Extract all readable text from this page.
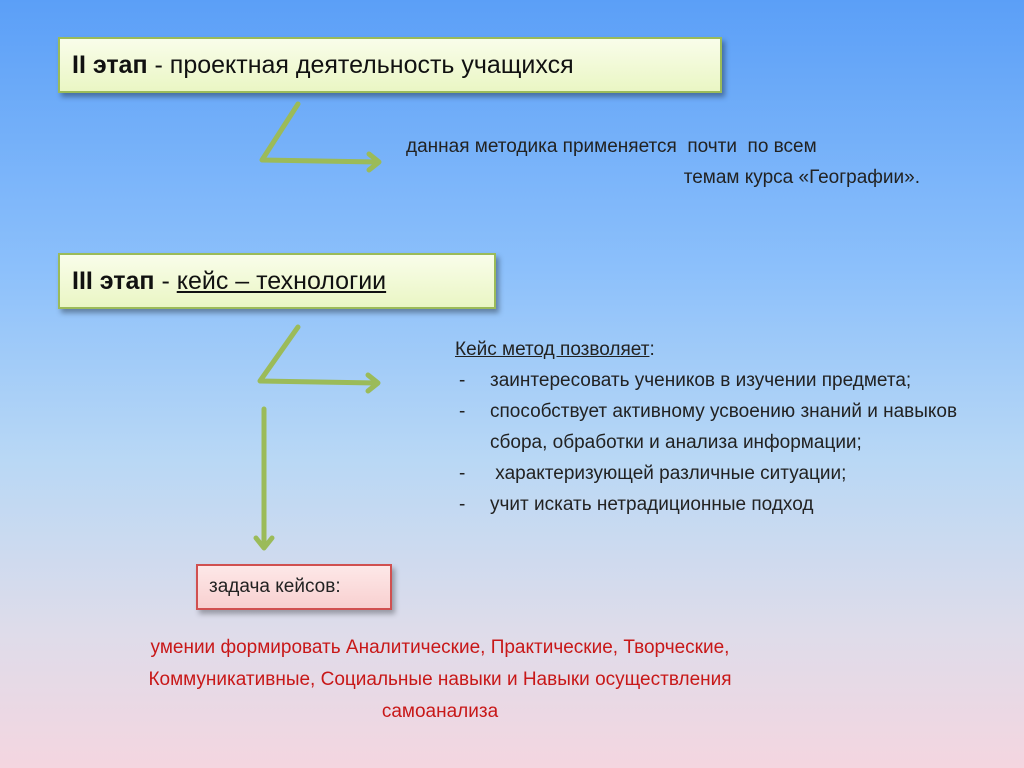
II этап - проектная деятельность учащихся
данная методика применяется  почти  по всем
темам курса «Географии».
III этап - кейс – технологии
Кейс метод позволяет:
- заинтересовать учеников в изучении предмета;
- способствует активному усвоению знаний и навыков сбора, обработки и анализа информации;
-  характеризующей различные ситуации;
- учит искать нетрадиционные подход
задача кейсов:
умении формировать Аналитические, Практические, Творческие,
Коммуникативные, Социальные навыки и Навыки осуществления
самоанализа
